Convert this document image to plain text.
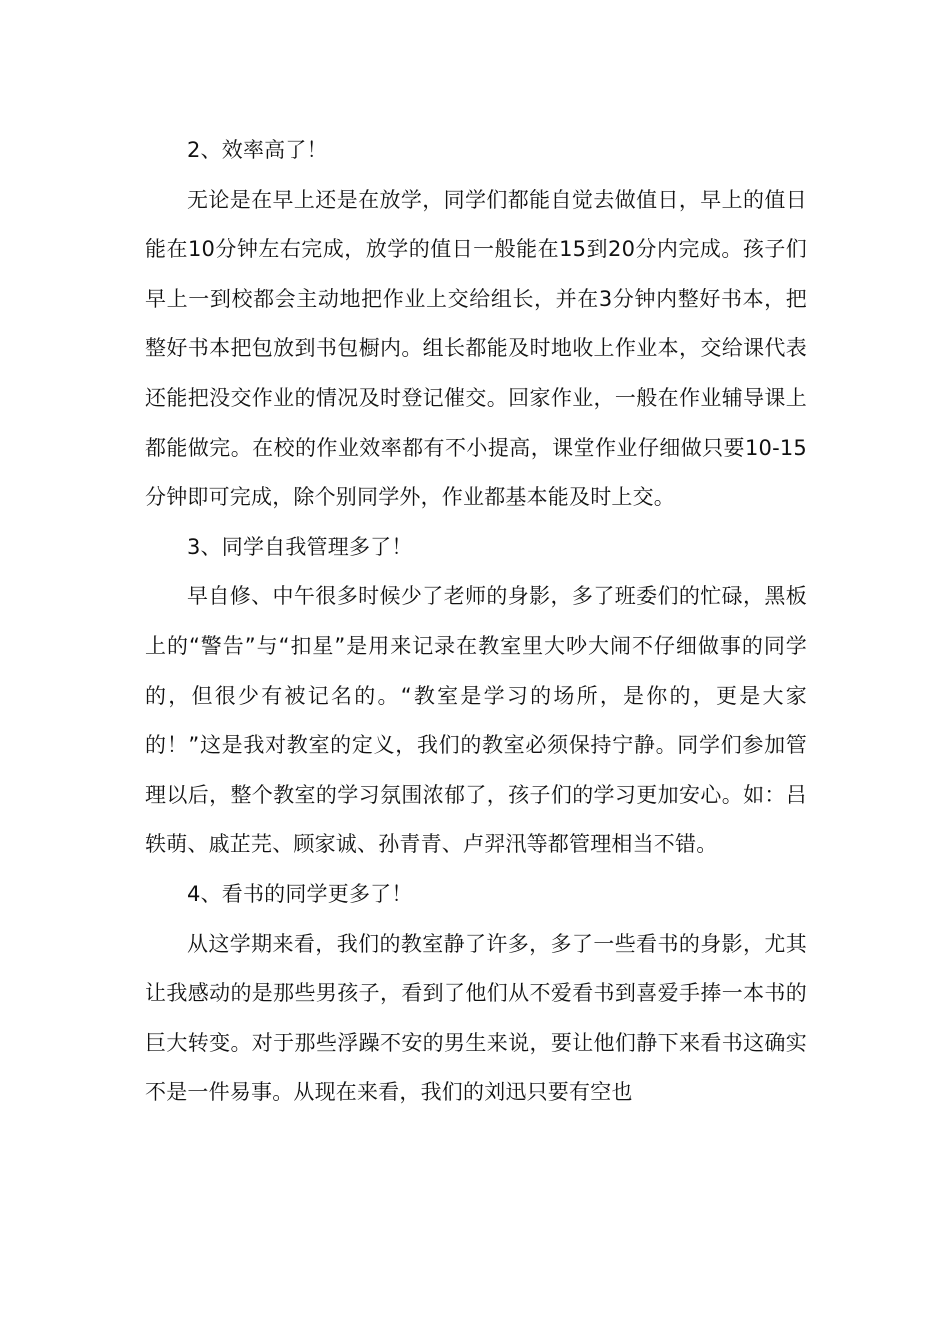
2、效率高了！

无论是在早上还是在放学，同学们都能自觉去做值日，早上的值日能在10分钟左右完成，放学的值日一般能在15到20分内完成。孩子们早上一到校都会主动地把作业上交给组长，并在3分钟内整好书本，把整好书本把包放到书包橱内。组长都能及时地收上作业本，交给课代表还能把没交作业的情况及时登记催交。回家作业，一般在作业辅导课上都能做完。在校的作业效率都有不小提高，课堂作业仔细做只要10-15分钟即可完成，除个别同学外，作业都基本能及时上交。

3、同学自我管理多了！

早自修、中午很多时候少了老师的身影，多了班委们的忙碌，黑板上的“警告”与“扣星”是用来记录在教室里大吵大闹不仔细做事的同学的，但很少有被记名的。“教室是学习的场所，是你的，更是大家的！”这是我对教室的定义，我们的教室必须保持宁静。同学们参加管理以后，整个教室的学习氛围浓郁了，孩子们的学习更加安心。如：吕轶萌、戚芷芫、顾家诚、孙青青、卢羿汛等都管理相当不错。

4、看书的同学更多了！

从这学期来看，我们的教室静了许多，多了一些看书的身影，尤其让我感动的是那些男孩子，看到了他们从不爱看书到喜爱手捧一本书的巨大转变。对于那些浮躁不安的男生来说，要让他们静下来看书这确实不是一件易事。从现在来看，我们的刘迅只要有空也
